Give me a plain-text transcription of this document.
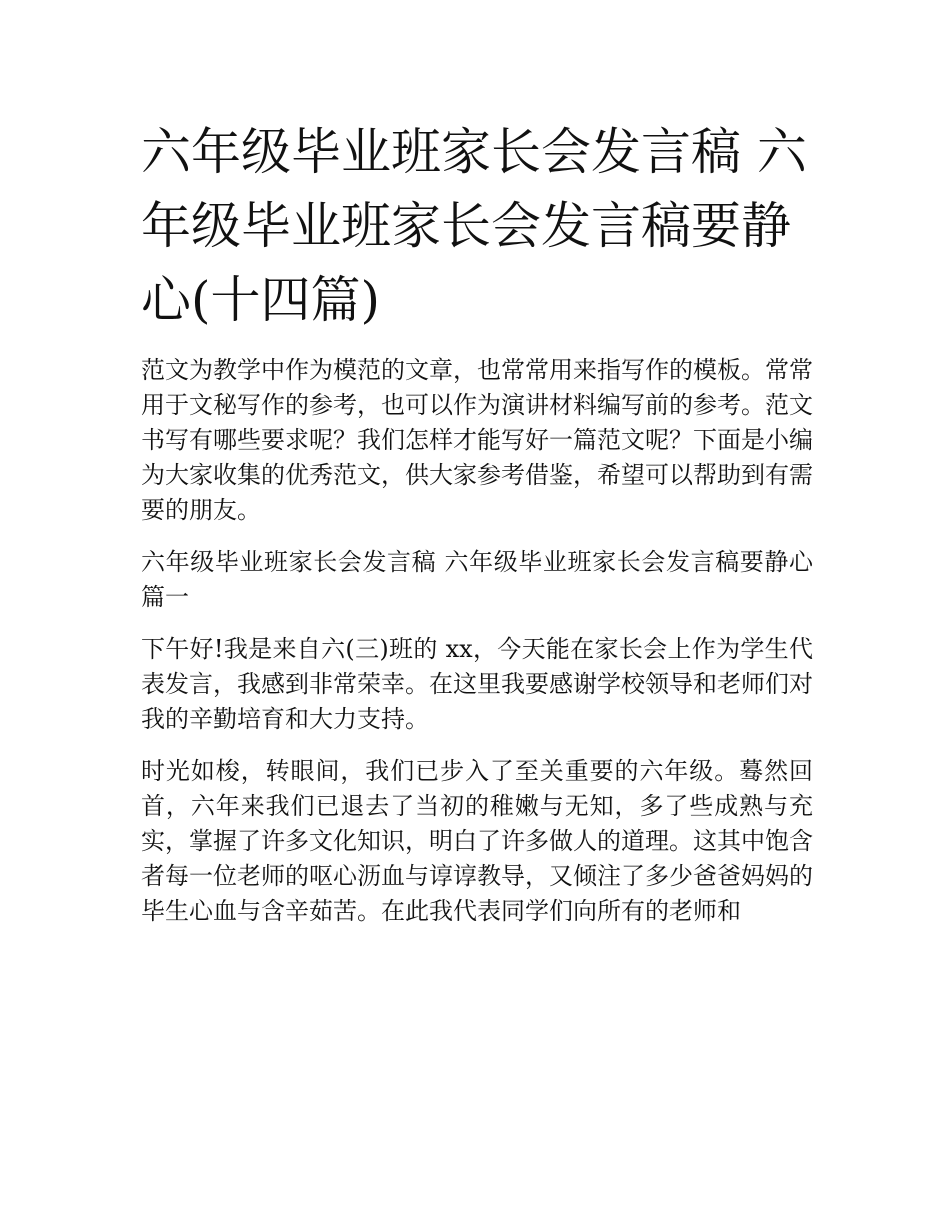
六年级毕业班家长会发言稿 六年级毕业班家长会发言稿要静心(十四篇)

范文为教学中作为模范的文章，也常常用来指写作的模板。常常用于文秘写作的参考，也可以作为演讲材料编写前的参考。范文书写有哪些要求呢？我们怎样才能写好一篇范文呢？下面是小编为大家收集的优秀范文，供大家参考借鉴，希望可以帮助到有需要的朋友。

六年级毕业班家长会发言稿 六年级毕业班家长会发言稿要静心篇一

下午好!我是来自六(三)班的 xx，今天能在家长会上作为学生代表发言，我感到非常荣幸。在这里我要感谢学校领导和老师们对我的辛勤培育和大力支持。

时光如梭，转眼间，我们已步入了至关重要的六年级。蓦然回首，六年来我们已退去了当初的稚嫩与无知，多了些成熟与充实，掌握了许多文化知识，明白了许多做人的道理。这其中饱含者每一位老师的呕心沥血与谆谆教导，又倾注了多少爸爸妈妈的毕生心血与含辛茹苦。在此我代表同学们向所有的老师和
